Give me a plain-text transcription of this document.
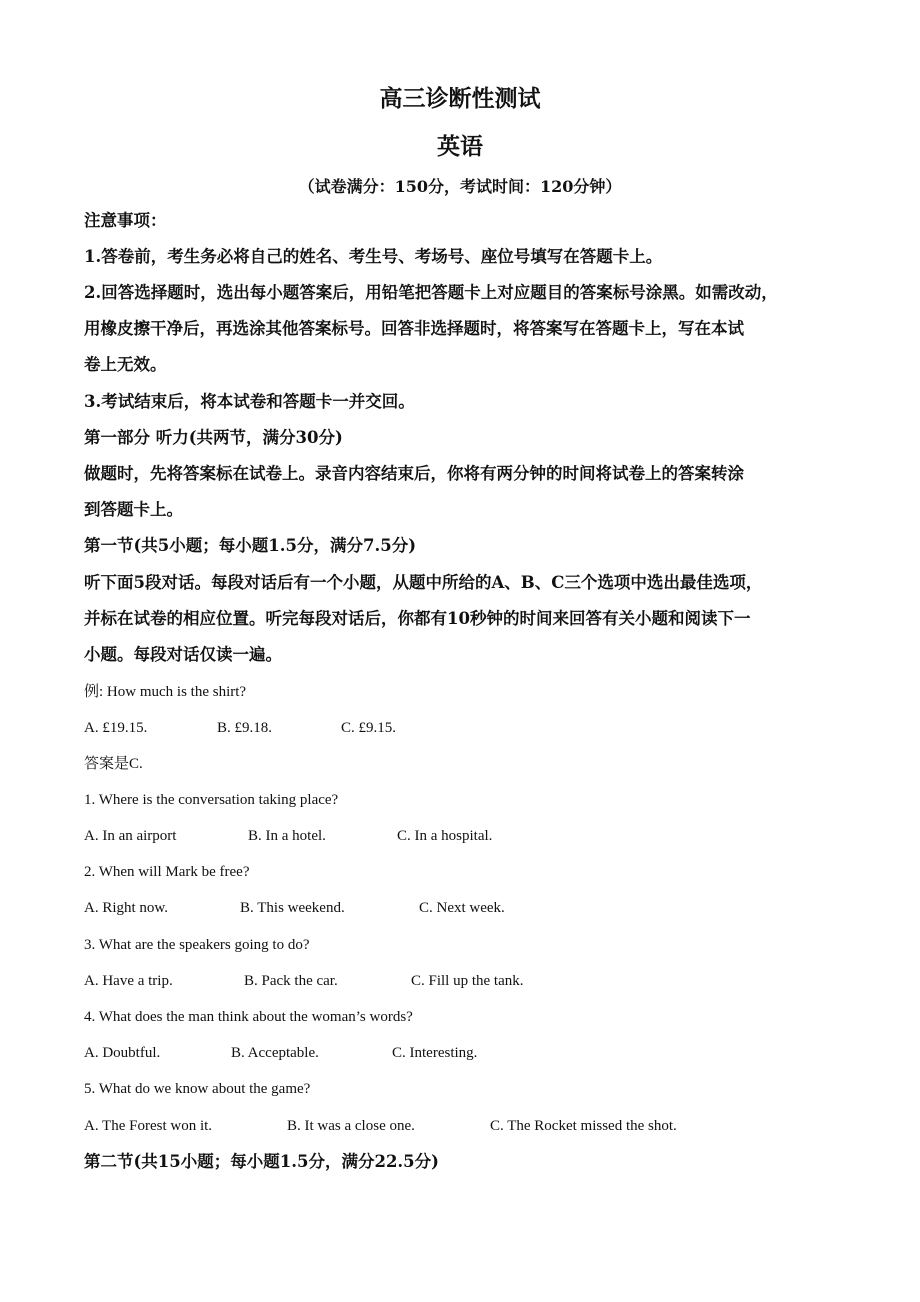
高三诊断性测试
英语
（试卷满分：150分，考试时间：120分钟）
注意事项：
1.答卷前，考生务必将自己的姓名、考生号、考场号、座位号填写在答题卡上。
2.回答选择题时，选出每小题答案后，用铅笔把答题卡上对应题目的答案标号涂黑。如需改动，
用橡皮擦干净后，再选涂其他答案标号。回答非选择题时，将答案写在答题卡上，写在本试
卷上无效。
3.考试结束后，将本试卷和答题卡一并交回。
第一部分 听力(共两节，满分30分)
做题时，先将答案标在试卷上。录音内容结束后，你将有两分钟的时间将试卷上的答案转涂
到答题卡上。
第一节(共5小题；每小题1.5分，满分7.5分)
听下面5段对话。每段对话后有一个小题，从题中所给的A、B、C三个选项中选出最佳选项，
并标在试卷的相应位置。听完每段对话后，你都有10秒钟的时间来回答有关小题和阅读下一
小题。每段对话仅读一遍。
例: How much is the shirt?
A. £19.15.	B. £9.18.	C. £9.15.
答案是C.
1. Where is the conversation taking place?
A. In an airport	B. In a hotel.	C. In a hospital.
2. When will Mark be free?
A. Right now.	B. This weekend.	C. Next week.
3. What are the speakers going to do?
A. Have a trip.	B. Pack the car.	C. Fill up the tank.
4. What does the man think about the woman’s words?
A. Doubtful.	B. Acceptable.	C. Interesting.
5. What do we know about the game?
A. The Forest won it.	B. It was a close one.	C. The Rocket missed the shot.
第二节(共15小题；每小题1.5分，满分22.5分)
